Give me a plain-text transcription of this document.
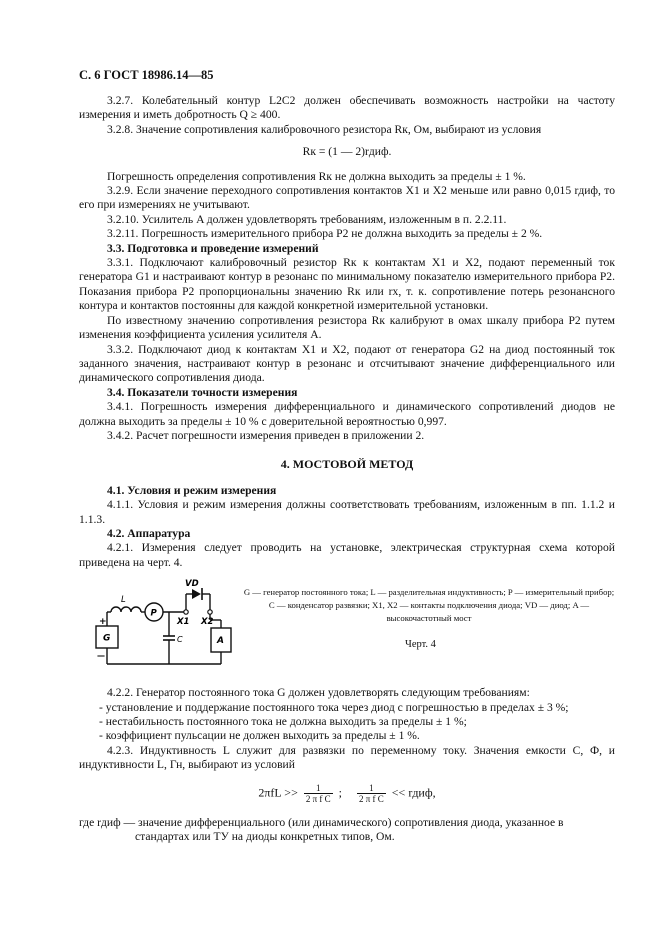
С. 6 ГОСТ 18986.14—85

3.2.7. Колебательный контур L2C2 должен обеспечивать возможность настройки на частоту измерения и иметь добротность Q ≥ 400.

3.2.8. Значение сопротивления калибровочного резистора Rк, Ом, выбирают из условия

Rк = (1 — 2)rдиф.

Погрешность определения сопротивления Rк не должна выходить за пределы ± 1 %.

3.2.9. Если значение переходного сопротивления контактов X1 и X2 меньше или равно 0,015 rдиф, то его при измерениях не учитывают.

3.2.10. Усилитель A должен удовлетворять требованиям, изложенным в п. 2.2.11.

3.2.11. Погрешность измерительного прибора P2 не должна выходить за пределы ± 2 %.

3.3. Подготовка и проведение измерений

3.3.1. Подключают калибровочный резистор Rк к контактам X1 и X2, подают переменный ток генератора G1 и настраивают контур в резонанс по минимальному показателю измерительного прибора P2. Показания прибора P2 пропорциональны значению Rк или rх, т. к. сопротивление потерь резонансного контура и контактов постоянны для каждой конкретной измерительной установки.

По известному значению сопротивления резистора Rк калибруют в омах шкалу прибора P2 путем изменения коэффициента усиления усилителя A.

3.3.2. Подключают диод к контактам X1 и X2, подают от генератора G2 на диод постоянный ток заданного значения, настраивают контур в резонанс и отсчитывают значение дифференциального или динамического сопротивления диода.

3.4. Показатели точности измерения

3.4.1. Погрешность измерения дифференциального и динамического сопротивлений диодов не должна выходить за пределы ± 10 % с доверительной вероятностью 0,997.

3.4.2. Расчет погрешности измерения приведен в приложении 2.

4. МОСТОВОЙ МЕТОД

4.1. Условия и режим измерения

4.1.1. Условия и режим измерения должны соответствовать требованиям, изложенным в пп. 1.1.2 и 1.1.3.

4.2. Аппаратура

4.2.1. Измерения следует проводить на установке, электрическая структурная схема которой приведена на черт. 4.

VD
L
P
X1 X2
G
+
—
C	A
G — генератор постоянного тока; L — разделительная индуктивность; P — измерительный прибор; C — конденсатор развязки; X1, X2 — контакты подключения диода; VD — диод; A — высокочастотный мост
Черт. 4

4.2.2. Генератор постоянного тока G должен удовлетворять следующим требованиям:

- установление и поддержание постоянного тока через диод с погрешностью в пределах ± 3 %;

- нестабильность постоянного тока не должна выходить за пределы ± 1 %;

- коэффициент пульсации не должен выходить за пределы ± 1 %.

4.2.3. Индуктивность L служит для развязки по переменному току. Значения емкости C, Ф, и индуктивности L, Гн, выбирают из условий

$2\pi fL >> \frac{1}{\text{2 π f C}}$ ; $\frac{1}{\text{2 π f C}}$ << rдиф,

где rдиф — значение дифференциального (или динамического) сопротивления диода, указанное в стандартах или ТУ на диоды конкретных типов, Ом.
